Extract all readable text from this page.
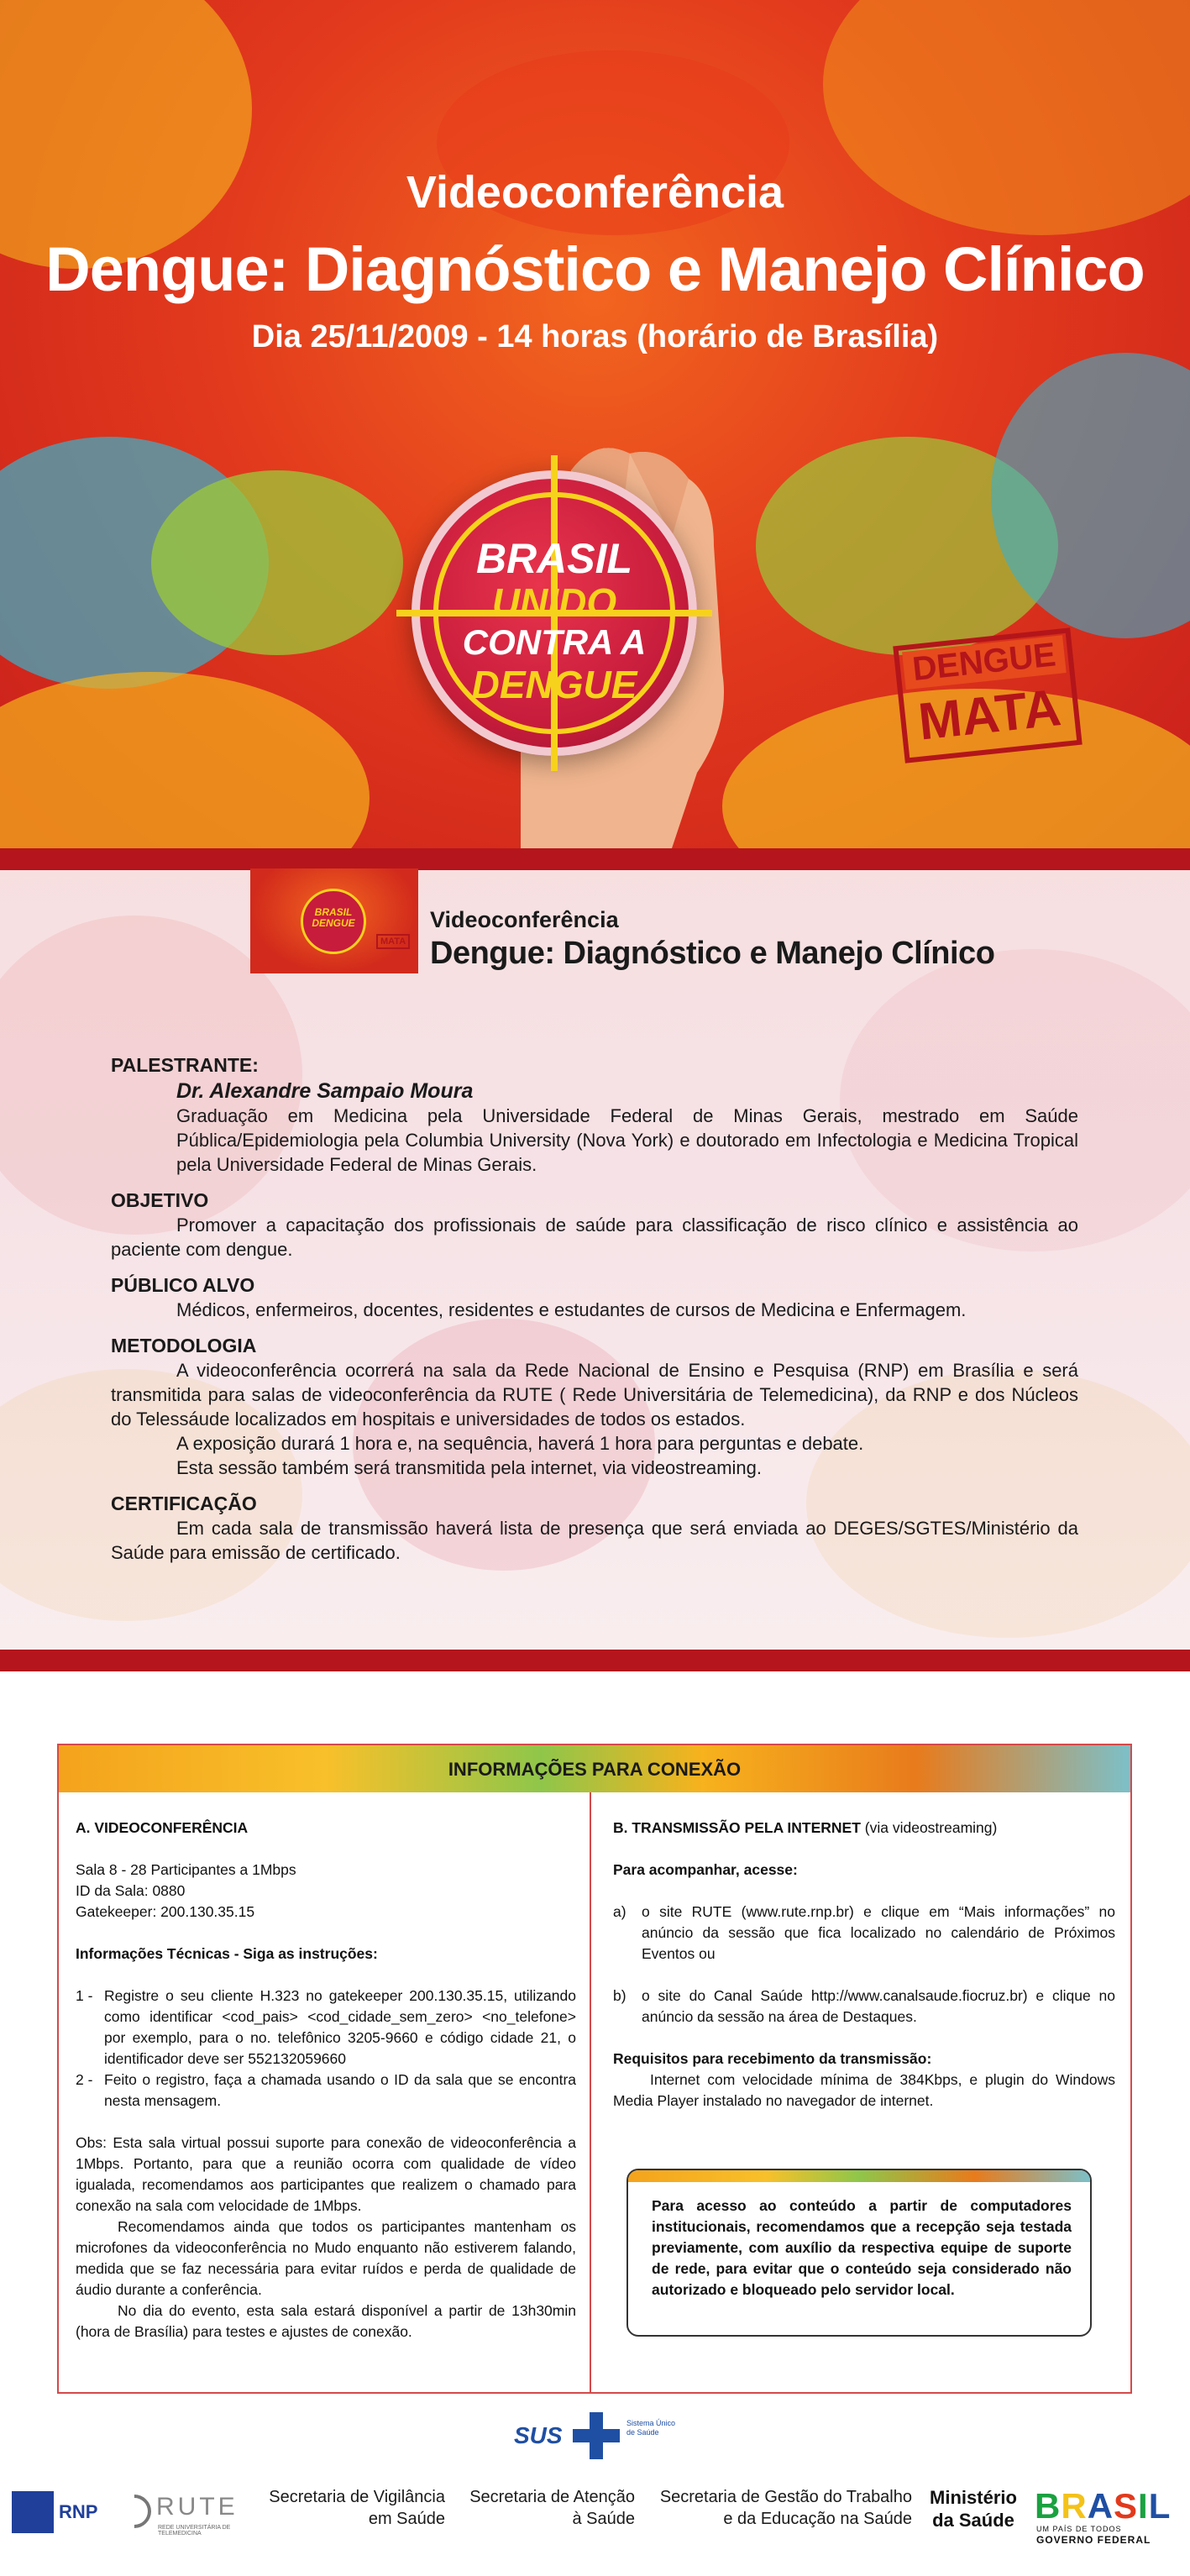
Videoconferência
Dengue: Diagnóstico e Manejo Clínico
Dia 25/11/2009 - 14 horas (horário de Brasília)
BRASIL
UNIDO
CONTRA A
DENGUE	DENGUE
MATA
BRASIL
DENGUE
MATA
Videoconferência
Dengue: Diagnóstico e Manejo Clínico
PALESTRANTE:
Dr. Alexandre Sampaio Moura

Graduação em Medicina pela Universidade Federal de Minas Gerais, mestrado em Saúde Pública/Epidemiologia pela Columbia University (Nova York) e doutorado em Infectologia e Medicina Tropical pela Universidade Federal de Minas Gerais.

OBJETIVO

Promover a capacitação dos profissionais de saúde para classificação de risco clínico e assistência ao paciente com dengue.

PÚBLICO ALVO

Médicos, enfermeiros, docentes, residentes e estudantes de cursos de Medicina e Enfermagem.

METODOLOGIA

A videoconferência ocorrerá na sala da Rede Nacional de Ensino e Pesquisa (RNP) em Brasília e será transmitida para salas de videoconferência da RUTE ( Rede Universitária de Telemedicina), da RNP e dos Núcleos do Telessáude localizados em hospitais e universidades de todos os estados.

A exposição durará 1 hora e, na sequência, haverá 1 hora para perguntas e debate.

Esta sessão também será transmitida pela internet, via videostreaming.

CERTIFICAÇÃO

Em cada sala de transmissão haverá lista de presença que será enviada ao DEGES/SGTES/Ministério da Saúde para emissão de certificado.

INFORMAÇÕES PARA CONEXÃO

A. VIDEOCONFERÊNCIA

Sala 8 - 28 Participantes a 1Mbps

ID da Sala: 0880

Gatekeeper: 200.130.35.15

Informações Técnicas - Siga as instruções:

1 - Registre o seu cliente H.323 no gatekeeper 200.130.35.15, utilizando como identificar <cod_pais> <cod_cidade_sem_zero> <no_telefone> por exemplo, para o no. telefônico 3205-9660 e código cidade 21, o identificador deve ser 552132059660
2 - Feito o registro, faça a chamada usando o ID da sala que se encontra nesta mensagem.

Obs: Esta sala virtual possui suporte para conexão de videoconferência a 1Mbps. Portanto, para que a reunião ocorra com qualidade de vídeo igualada, recomendamos aos participantes que realizem o chamado para conexão na sala com velocidade de 1Mbps.

Recomendamos ainda que todos os participantes mantenham os microfones da videoconferência no Mudo enquanto não estiverem falando, medida que se faz necessária para evitar ruídos e perda de qualidade de áudio durante a conferência.

No dia do evento, esta sala estará disponível a partir de 13h30min (hora de Brasília) para testes e ajustes de conexão.

B. TRANSMISSÃO PELA INTERNET (via videostreaming)

Para acompanhar, acesse:

a)	o site RUTE (www.rute.rnp.br) e clique em “Mais informações” no anúncio da sessão que fica localizado no calendário de Próximos Eventos ou
b)	o site do Canal Saúde http://www.canalsaude.fiocruz.br) e clique no anúncio da sessão na área de Destaques.

Requisitos para recebimento da transmissão:

Internet com velocidade mínima de 384Kbps, e plugin do Windows Media Player instalado no navegador de internet.

Para acesso ao conteúdo a partir de computadores institucionais, recomendamos que a recepção seja testada previamente, com auxílio da respectiva equipe de suporte de rede, para evitar que o conteúdo seja considerado não autorizado e bloqueado pelo servidor local.

SUS	Sistema Único de Saúde
RNP RUTE
REDE UNIVERSITÁRIA DE TELEMEDICINA
Secretaria de Vigilância em Saúde
Secretaria de Atenção à Saúde
Secretaria de Gestão do Trabalho e da Educação na Saúde
Ministério da Saúde BRASIL
UM PAÍS DE TODOS
GOVERNO FEDERAL
